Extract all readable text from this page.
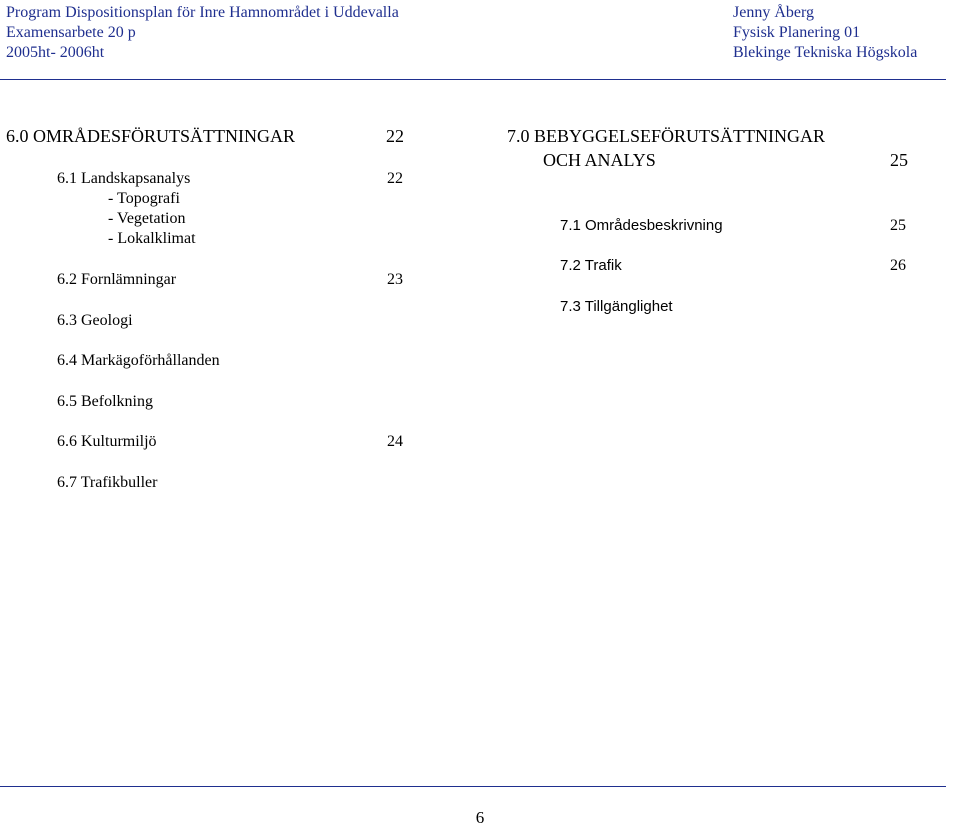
Program Dispositionsplan för Inre Hamnområdet i Uddevalla
Examensarbete 20 p
2005ht- 2006ht
Jenny Åberg
Fysisk Planering 01
Blekinge Tekniska Högskola
6.0 OMRÅDESFÖRUTSÄTTNINGAR	22
6.1 Landskapsanalys	22
- Topografi
- Vegetation
- Lokalklimat
6.2 Fornlämningar	23
6.3 Geologi
6.4 Markägoförhållanden
6.5 Befolkning
6.6 Kulturmiljö	24
6.7 Trafikbuller
7.0 BEBYGGELSEFÖRUTSÄTTNINGAR
OCH ANALYS	25
7.1 Områdesbeskrivning	25
7.2 Trafik	26
7.3 Tillgänglighet
6
